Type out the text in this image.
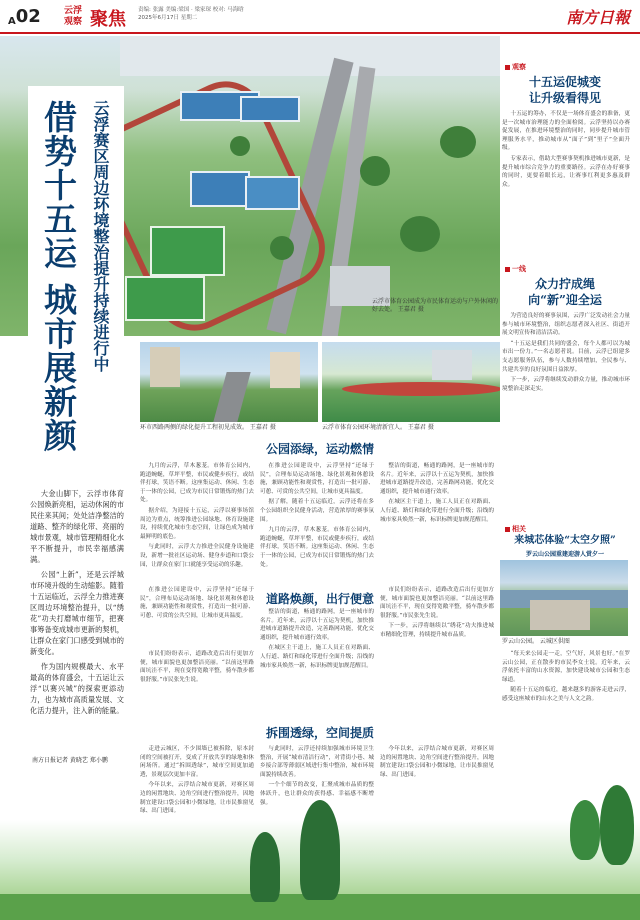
A02	云浮观察 聚焦 责编: 张露 美编:梁国 · 梁家琛 校对: 马海晗
2025年6月17日 星期二	南方日報
云浮市体育公园成为市民体育运动与户外休闲的好去处。 王嘉君 摄
借势十五运 城市展新颜 云浮赛区周边环境整治提升持续进行中

大金山脚下，云浮市体育公园焕新亮相，运动休闲的市民往来其间；处处洁净整洁的道路、整齐的绿化带、亮丽的城市景观，城市管理精细化水平不断提升，市民幸福感满满。

公园“上新”，还是云浮城市环境升级的生动缩影。随着十五运临近，云浮全力推进赛区周边环境整治提升，以“绣花”功夫打磨城市细节，把赛事筹备变成城市更新的契机，让群众在家门口感受到城市的新变化。

作为国内规模最大、水平最高的体育盛会，十五运让云浮“以赛兴城”的探索更添动力，也为城市高质量发展、文化活力提升，注入新的能量。

南方日报记者 黄晓艺 郑小鹏
环市西路两侧的绿化提升工程初见成效。 王嘉君 摄	云浮市体育公园环境清新宜人。 王嘉君 摄
公园添绿，运动燃情

九月的云浮，草木葱茏。市体育公园内，跑道蜿蜒，草坪平整，市民或健步疾行，或结伴打球，笑语不断。这座集运动、休闲、生态于一体的公园，已成为市民日常锻炼的热门去处。

据介绍，为迎接十五运，云浮以赛事场馆周边为重点，统筹推进公园绿地、体育设施建设，持续优化城市生态空间，让绿色成为城市最鲜明的底色。

与此同时，云浮大力推进全民健身设施建设，新增一批社区运动场、健身步道和口袋公园，让群众在家门口就能享受运动的乐趣。

在推进公园建设中，云浮坚持“还绿于民”，合理布局运动场地、绿化景观和休憩设施，兼顾功能性和观赏性，打造出一批可游、可憩、可赏的公共空间，让城市更具温度。

据了解，随着十五运临近，云浮还将在多个公园组织全民健身活动，营造浓厚的赛事氛围。

九月的云浮，草木葱茏。市体育公园内，跑道蜿蜒，草坪平整，市民或健步疾行，或结伴打球，笑语不断。这座集运动、休闲、生态于一体的公园，已成为市民日常锻炼的热门去处。

整洁的街道，畅通的路网，是一座城市的名片。近年来，云浮以十五运为契机，加快推进城市道路提升改造，完善路网功能，优化交通组织，提升城市通行效率。

在城区主干道上，施工人员正在对路面、人行道、路灯和绿化带进行全面升级；沿线的城市家具焕然一新，标识标牌更加规范醒目。

在推进公园建设中，云浮坚持“还绿于民”，合理布局运动场地、绿化景观和休憩设施，兼顾功能性和观赏性，打造出一批可游、可憩、可赏的公共空间，让城市更具温度。

道路焕颜，出行便意

整洁的街道，畅通的路网，是一座城市的名片。近年来，云浮以十五运为契机，加快推进城市道路提升改造，完善路网功能，优化交通组织，提升城市通行效率。

在城区主干道上，施工人员正在对路面、人行道、路灯和绿化带进行全面升级；沿线的城市家具焕然一新，标识标牌更加规范醒目。

市民们纷纷表示，道路改造后出行更加方便，城市面貌也更加整洁亮丽。“以前这里路面坑洼不平，现在变得宽敞平整，骑车散步都很舒服。”市民张先生说。

下一步，云浮将继续以“绣花”功夫推进城市精细化管理，持续提升城市品质。

市民们纷纷表示，道路改造后出行更加方便，城市面貌也更加整洁亮丽。“以前这里路面坑洼不平，现在变得宽敞平整，骑车散步都很舒服。”市民张先生说。

拆围透绿，空间提质

走进云城区，不少围墙已被拆除，原本封闭的空间被打开，变成了开放共享的绿地和休闲场所。通过“拆围透绿”，城市空间更加通透，景观层次更加丰富。

今年以来，云浮结合城市更新，对赛区周边的闲置地块、边角空间进行整治提升，因地制宜建设口袋公园和小微绿地，让市民推窗见绿、出门进园。

与此同时，云浮还持续加强城市环境卫生整治，开展“城市清洁行动”，对背街小巷、城乡接合部等薄弱区域进行集中整治，城市环境面貌持续改善。

一个个细节的改变，汇聚成城市品质的整体跃升，也让群众的获得感、幸福感不断增强。

今年以来，云浮结合城市更新，对赛区周边的闲置地块、边角空间进行整治提升，因地制宜建设口袋公园和小微绿地，让市民推窗见绿、出门进园。

观察
十五运促城变
让升级看得见

十五运的筹办，不仅是一场体育盛会的准备，更是一次城市治理能力的全面检阅。云浮坚持以办赛促发展，在推进环境整治的同时，同步提升城市管理服务水平，推动城市从“面子”到“里子”全面升级。

专家表示，借助大型赛事契机推进城市更新，是提升城市综合竞争力的重要路径。云浮在办好赛事的同时，更要着眼长远，让赛事红利更多惠及群众。

一线
众力拧成绳
向“新”迎全运

为营造良好的赛事氛围，云浮广泛发动社会力量参与城市环境整治，组织志愿者深入社区、街道开展文明宣传和清洁活动。

“十五运是我们共同的盛会，每个人都可以为城市出一份力。”一名志愿者说。目前，云浮已组建多支志愿服务队伍，参与人数持续增加，全民参与、共建共享的良好氛围日益浓厚。

下一步，云浮将继续发动群众力量，推动城市环境整治走深走实。

相关
来城芯体验“太空夕照”
罗云山公园重建迎游人赏夕一
罗云山公园。 云城区供图

“每天来公园走一走，空气好，风景也好。”在罗云山公园，正在散步的市民李女士说。近年来，云浮依托丰富的山水资源，加快建设城市公园和生态绿道。

随着十五运的临近，越来越多的游客走进云浮，感受这座城市的山水之美与人文之韵。
